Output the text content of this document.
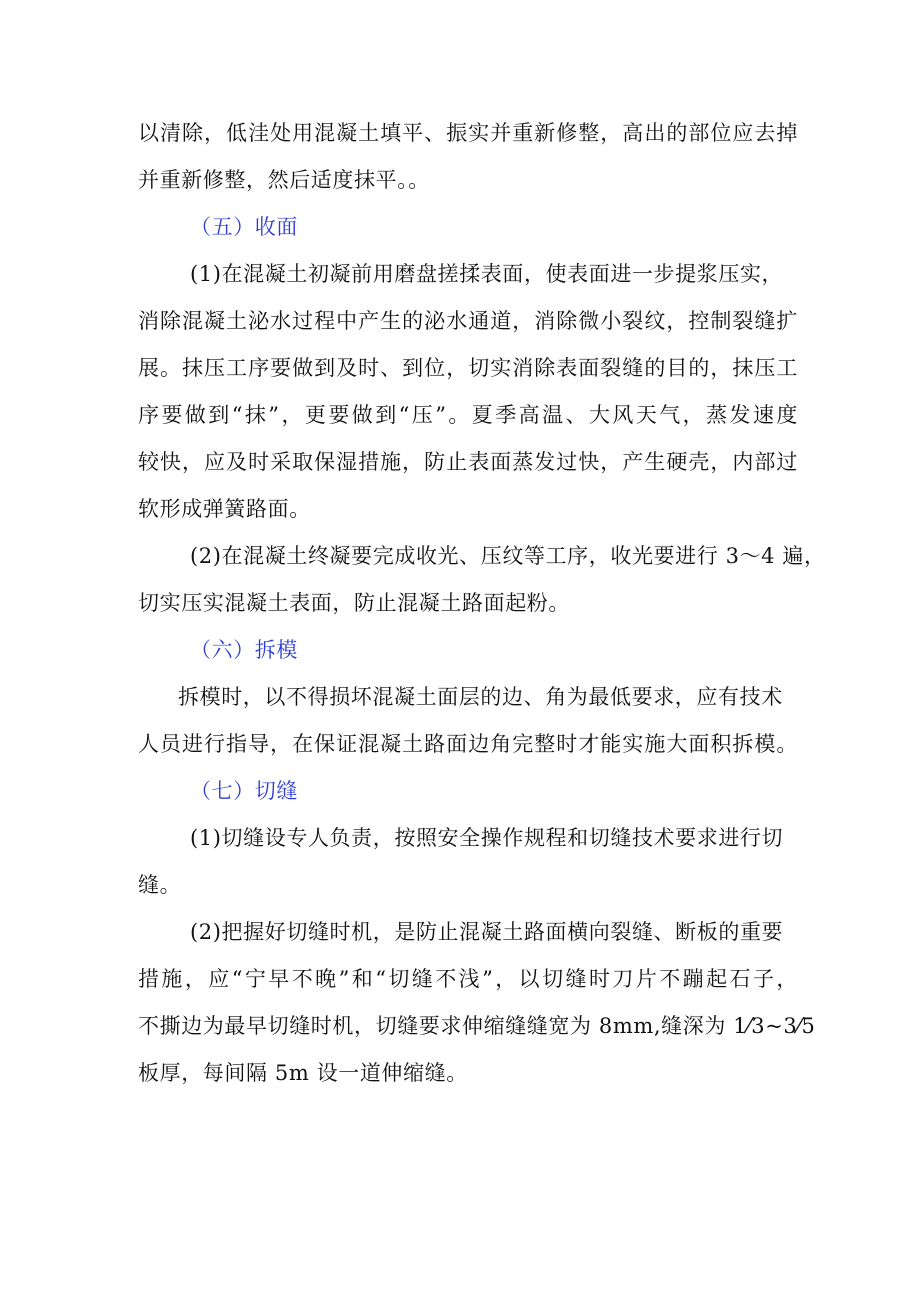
以清除，低洼处用混凝土填平、振实并重新修整，高出的部位应去掉
并重新修整，然后适度抹平。。
（五）收面
(1)在混凝土初凝前用磨盘搓揉表面，使表面进一步提浆压实，
消除混凝土泌水过程中产生的泌水通道，消除微小裂纹，控制裂缝扩
展。抹压工序要做到及时、到位，切实消除表面裂缝的目的，抹压工
序要做到“抹”，更要做到“压”。夏季高温、大风天气，蒸发速度
较快，应及时采取保湿措施，防止表面蒸发过快，产生硬壳，内部过
软形成弹簧路面。
(2)在混凝土终凝要完成收光、压纹等工序，收光要进行 3～4 遍，
切实压实混凝土表面，防止混凝土路面起粉。
（六）拆模
拆模时，以不得损坏混凝土面层的边、角为最低要求，应有技术
人员进行指导，在保证混凝土路面边角完整时才能实施大面积拆模。
（七）切缝
(1)切缝设专人负责，按照安全操作规程和切缝技术要求进行切
缝。
(2)把握好切缝时机，是防止混凝土路面横向裂缝、断板的重要
措施，应“宁早不晚”和“切缝不浅”，以切缝时刀片不蹦起石子，
不撕边为最早切缝时机，切缝要求伸缩缝缝宽为 8mm,缝深为 1⁄3~3⁄5
板厚，每间隔 5m 设一道伸缩缝。
